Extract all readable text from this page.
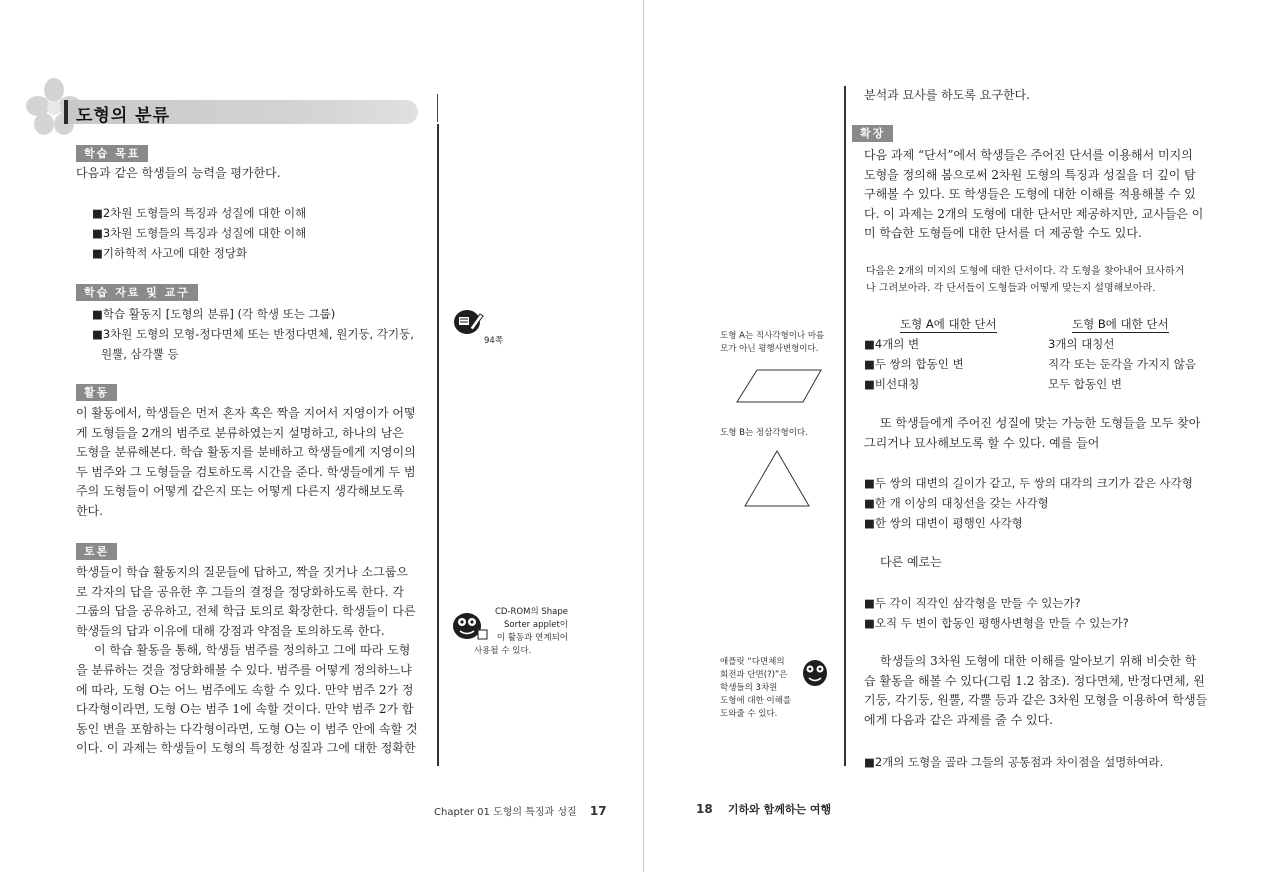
도형의 분류
학습 목표
다음과 같은 학생들의 능력을 평가한다.
■2차원 도형들의 특징과 성질에 대한 이해
■3차원 도형들의 특징과 성질에 대한 이해
■기하학적 사고에 대한 정당화
학습 자료 및 교구
■학습 활동지 [도형의 분류] (각 학생 또는 그룹)
■3차원 도형의 모형-정다면체 또는 반정다면체, 원기둥, 각기둥,
원뿔, 삼각뿔 등
활동
이 활동에서, 학생들은 먼저 혼자 혹은 짝을 지어서 지영이가 어떻
게 도형들을 2개의 범주로 분류하였는지 설명하고, 하나의 남은
도형을 분류해본다. 학습 활동지를 분배하고 학생들에게 지영이의
두 범주와 그 도형들을 검토하도록 시간을 준다. 학생들에게 두 범
주의 도형들이 어떻게 같은지 또는 어떻게 다른지 생각해보도록
한다.
토론
학생들이 학습 활동지의 질문들에 답하고, 짝을 짓거나 소그룹으
로 각자의 답을 공유한 후 그들의 결정을 정당화하도록 한다. 각
그룹의 답을 공유하고, 전체 학급 토의로 확장한다. 학생들이 다른
학생들의 답과 이유에 대해 강점과 약점을 토의하도록 한다.
이 학습 활동을 통해, 학생들 범주를 정의하고 그에 따라 도형
을 분류하는 것을 정당화해볼 수 있다. 범주를 어떻게 정의하느냐
에 따라, 도형 O는 어느 범주에도 속할 수 있다. 만약 범주 2가 정
다각형이라면, 도형 O는 범주 1에 속할 것이다. 만약 범주 2가 합
동인 변을 포함하는 다각형이라면, 도형 O는 이 범주 안에 속할 것
이다. 이 과제는 학생들이 도형의 특정한 성질과 그에 대한 정확한
94쪽
CD-ROM의 Shape
Sorter applet이
이 활동과 연계되어
사용될 수 있다.
Chapter 01 도형의 특징과 성질 17
분석과 묘사를 하도록 요구한다.
확장
다음 과제 “단서”에서 학생들은 주어진 단서를 이용해서 미지의
도형을 정의해 봄으로써 2차원 도형의 특징과 성질을 더 깊이 탐
구해볼 수 있다. 또 학생들은 도형에 대한 이해를 적용해볼 수 있
다. 이 과제는 2개의 도형에 대한 단서만 제공하지만, 교사들은 이
미 학습한 도형들에 대한 단서를 더 제공할 수도 있다.
다음은 2개의 미지의 도형에 대한 단서이다. 각 도형을 찾아내어 묘사하거
나 그려보아라. 각 단서들이 도형들과 어떻게 맞는지 설명해보아라.
도형 A에 대한 단서	도형 B에 대한 단서
■4개의 변
■두 쌍의 합동인 변
■비선대칭
3개의 대칭선
직각 또는 둔각을 가지지 않음
모두 합동인 변
또 학생들에게 주어진 성질에 맞는 가능한 도형들을 모두 찾아
그리거나 묘사해보도록 할 수 있다. 예를 들어
■두 쌍의 대변의 길이가 같고, 두 쌍의 대각의 크기가 같은 사각형
■한 개 이상의 대칭선을 갖는 사각형
■한 쌍의 대변이 평행인 사각형
다른 예로는
■두 각이 직각인 삼각형을 만들 수 있는가?
■오직 두 변이 합동인 평행사변형을 만들 수 있는가?
학생들의 3차원 도형에 대한 이해를 알아보기 위해 비슷한 학
습 활동을 해볼 수 있다(그림 1.2 참조). 정다면체, 반정다면체, 원
기둥, 각기둥, 원뿔, 각뿔 등과 같은 3차원 모형을 이용하여 학생들
에게 다음과 같은 과제를 줄 수 있다.
■2개의 도형을 골라 그들의 공통점과 차이점을 설명하여라.
도형 A는 직사각형이나 마름
모가 아닌 평행사변형이다.
도형 B는 정삼각형이다.
애플릿 “다면체의
회전과 단면(?)”은
학생들의 3차원
도형에 대한 이해를
도와줄 수 있다.
18 기하와 함께하는 여행
